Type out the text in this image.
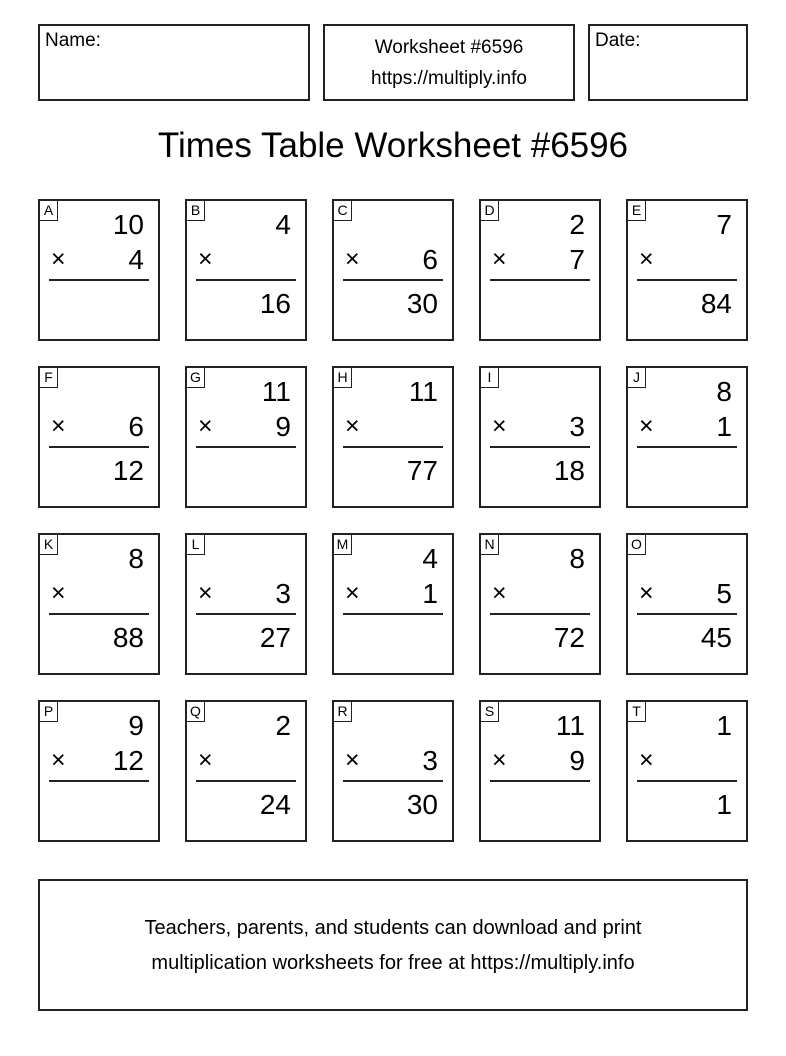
Name:	Worksheet #6596
https://multiply.info
Date:
Times Table Worksheet #6596
A 10
× 4
B	4
×
16
C
× 6
30
D	2
× 7
E	7
×
84
F
× 6
12
G 11
× 9
H 11
×
77
I
× 3
18
J	8
× 1
K	8
×
88
L
× 3
27
M	4
× 1
N	8
×
72
O
× 5
45
P	9
× 12
Q	2
×
24
R
× 3
30
S 11
× 9
T	1
×
1
Teachers, parents, and students can download and print
multiplication worksheets for free at https://multiply.info
